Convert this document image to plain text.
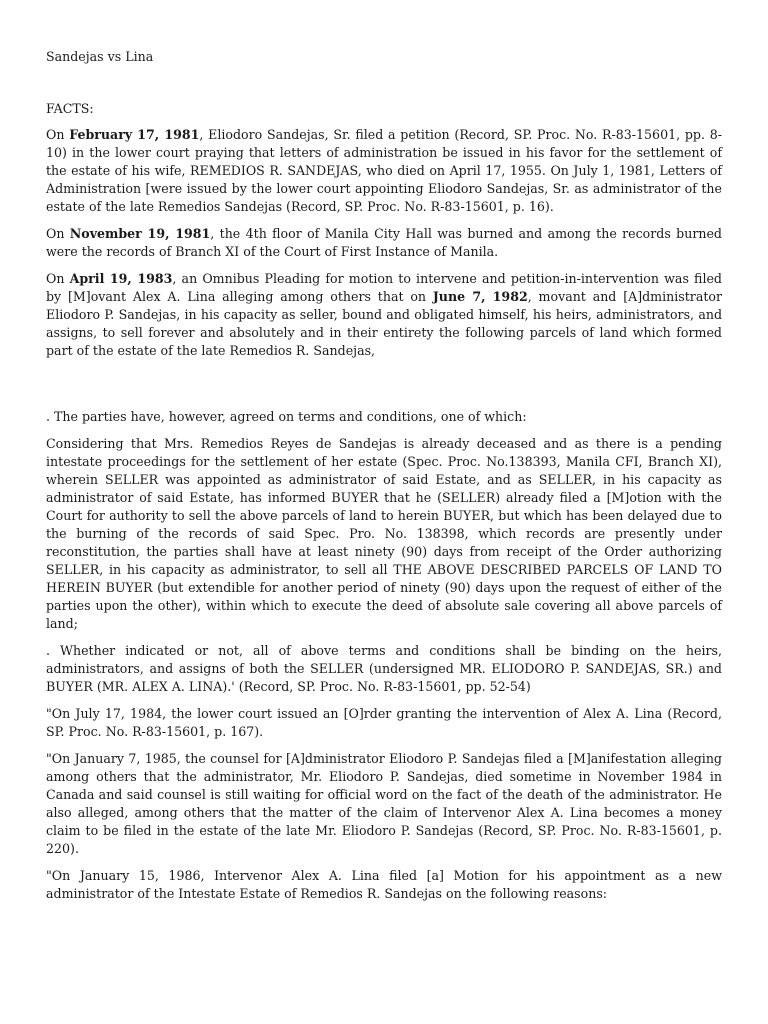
Sandejas vs Lina

FACTS:

On February 17, 1981, Eliodoro Sandejas, Sr. filed a petition (Record, SP. Proc. No. R-83-15601, pp. 8-10) in the lower court praying that letters of administration be issued in his favor for the settlement of the estate of his wife, REMEDIOS R. SANDEJAS, who died on April 17, 1955. On July 1, 1981, Letters of Administration [were issued by the lower court appointing Eliodoro Sandejas, Sr. as administrator of the estate of the late Remedios Sandejas (Record, SP. Proc. No. R-83-15601, p. 16).

On November 19, 1981, the 4th floor of Manila City Hall was burned and among the records burned were the records of Branch XI of the Court of First Instance of Manila.

On April 19, 1983, an Omnibus Pleading for motion to intervene and petition-in-intervention was filed by [M]ovant Alex A. Lina alleging among others that on June 7, 1982, movant and [A]dministrator Eliodoro P. Sandejas, in his capacity as seller, bound and obligated himself, his heirs, administrators, and assigns, to sell forever and absolutely and in their entirety the following parcels of land which formed part of the estate of the late Remedios R. Sandejas,

. The parties have, however, agreed on terms and conditions, one of which:

Considering that Mrs. Remedios Reyes de Sandejas is already deceased and as there is a pending intestate proceedings for the settlement of her estate (Spec. Proc. No.138393, Manila CFI, Branch XI), wherein SELLER was appointed as administrator of said Estate, and as SELLER, in his capacity as administrator of said Estate, has informed BUYER that he (SELLER) already filed a [M]otion with the Court for authority to sell the above parcels of land to herein BUYER, but which has been delayed due to the burning of the records of said Spec. Pro. No. 138398, which records are presently under reconstitution, the parties shall have at least ninety (90) days from receipt of the Order authorizing SELLER, in his capacity as administrator, to sell all THE ABOVE DESCRIBED PARCELS OF LAND TO HEREIN BUYER (but extendible for another period of ninety (90) days upon the request of either of the parties upon the other), within which to execute the deed of absolute sale covering all above parcels of land;

. Whether indicated or not, all of above terms and conditions shall be binding on the heirs, administrators, and assigns of both the SELLER (undersigned MR. ELIODORO P. SANDEJAS, SR.) and BUYER (MR. ALEX A. LINA).' (Record, SP. Proc. No. R-83-15601, pp. 52-54)

"On July 17, 1984, the lower court issued an [O]rder granting the intervention of Alex A. Lina (Record, SP. Proc. No. R-83-15601, p. 167).

"On January 7, 1985, the counsel for [A]dministrator Eliodoro P. Sandejas filed a [M]anifestation alleging among others that the administrator, Mr. Eliodoro P. Sandejas, died sometime in November 1984 in Canada and said counsel is still waiting for official word on the fact of the death of the administrator. He also alleged, among others that the matter of the claim of Intervenor Alex A. Lina becomes a money claim to be filed in the estate of the late Mr. Eliodoro P. Sandejas (Record, SP. Proc. No. R-83-15601, p. 220).

"On January 15, 1986, Intervenor Alex A. Lina filed [a] Motion for his appointment as a new administrator of the Intestate Estate of Remedios R. Sandejas on the following reasons:
